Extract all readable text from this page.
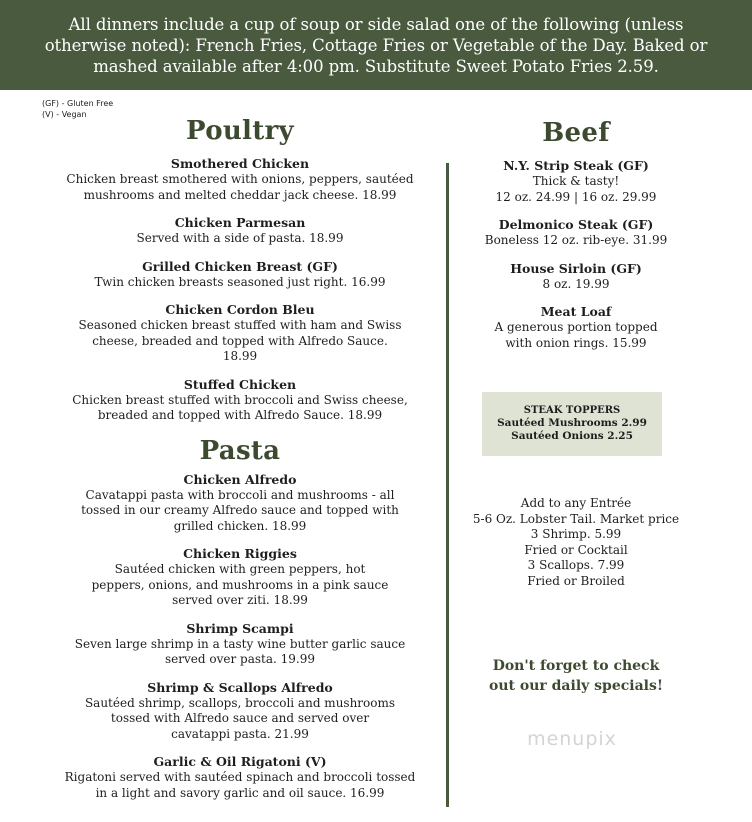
All dinners include a cup of soup or side salad one of the following (unless otherwise noted): French Fries, Cottage Fries or Vegetable of the Day. Baked or mashed available after 4:00 pm. Substitute Sweet Potato Fries 2.59.

(GF) - Gluten Free
(V) - Vegan
Poultry
Smothered Chicken
Chicken breast smothered with onions, peppers, sautéed mushrooms and melted cheddar jack cheese. 18.99
Chicken Parmesan
Served with a side of pasta. 18.99
Grilled Chicken Breast (GF)
Twin chicken breasts seasoned just right. 16.99
Chicken Cordon Bleu
Seasoned chicken breast stuffed with ham and Swiss cheese, breaded and topped with Alfredo Sauce. 18.99
Stuffed Chicken
Chicken breast stuffed with broccoli and Swiss cheese, breaded and topped with Alfredo Sauce. 18.99
Pasta
Chicken Alfredo
Cavatappi pasta with broccoli and mushrooms - all tossed in our creamy Alfredo sauce and topped with grilled chicken. 18.99
Chicken Riggies
Sautéed chicken with green peppers, hot peppers, onions, and mushrooms in a pink sauce served over ziti. 18.99
Shrimp Scampi
Seven large shrimp in a tasty wine butter garlic sauce served over pasta. 19.99
Shrimp & Scallops Alfredo
Sautéed shrimp, scallops, broccoli and mushrooms tossed with Alfredo sauce and served over cavatappi pasta. 21.99
Garlic & Oil Rigatoni (V)
Rigatoni served with sautéed spinach and broccoli tossed in a light and savory garlic and oil sauce. 16.99
Beef
N.Y. Strip Steak (GF)
Thick & tasty!
12 oz. 24.99 | 16 oz. 29.99
Delmonico Steak (GF)
Boneless 12 oz. rib-eye. 31.99
House Sirloin (GF)
8 oz. 19.99
Meat Loaf
A generous portion topped
with onion rings. 15.99
STEAK TOPPERS
Sautéed Mushrooms 2.99
Sautéed Onions 2.25
Add to any Entrée
5-6 Oz. Lobster Tail. Market price
3 Shrimp. 5.99
Fried or Cocktail
3 Scallops. 7.99
Fried or Broiled
Don't forget to check
out our daily specials!
menupix
